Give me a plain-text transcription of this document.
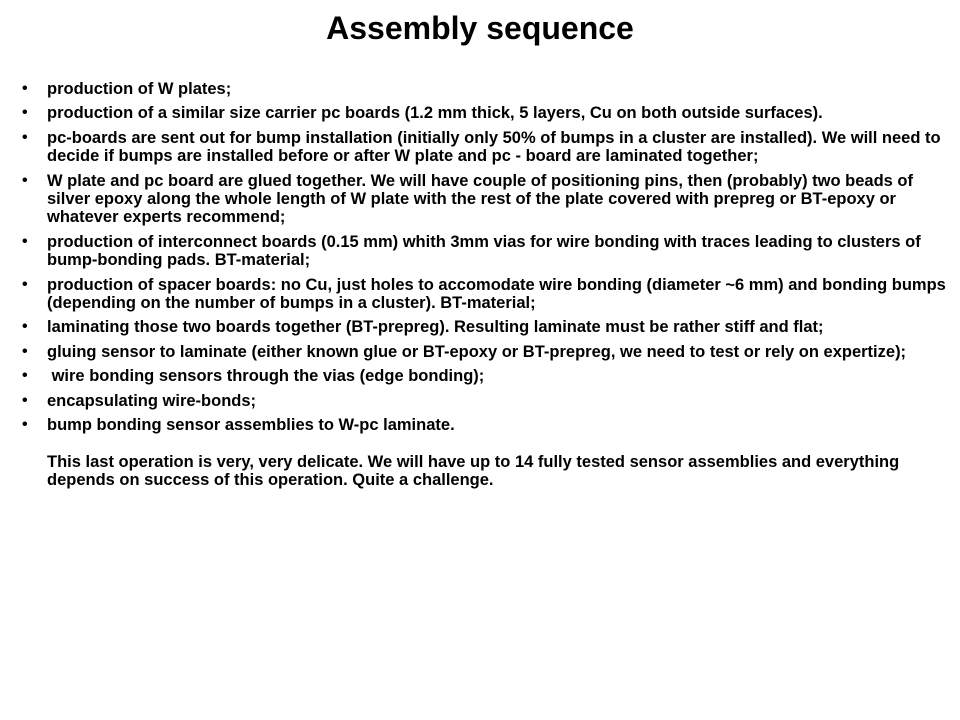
Assembly sequence
•	production of W plates;
•	production of a similar size carrier pc boards (1.2 mm thick, 5 layers, Cu on both outside surfaces).
•	pc-boards are sent out for bump installation (initially only 50% of bumps in a cluster are installed). We will need to decide if bumps are installed before or after W plate and pc - board are laminated together;
•	W plate and pc board are glued together. We will have couple of positioning pins, then (probably) two beads of silver epoxy along the whole length of W plate with the rest of the plate covered with prepreg or BT-epoxy or whatever experts recommend;
•	production of interconnect boards (0.15 mm) whith 3mm vias for wire bonding with traces leading to clusters of bump-bonding pads. BT-material;
•	production of spacer boards: no Cu, just holes to accomodate wire bonding (diameter ~6 mm) and bonding bumps (depending on the number of bumps in a cluster). BT-material;
•	laminating those two boards together (BT-prepreg). Resulting laminate must be rather stiff and flat;
•	gluing sensor to laminate (either known glue or BT-epoxy or BT-prepreg, we need to test or rely on expertize);
•	wire bonding sensors through the vias (edge bonding);
•	encapsulating wire-bonds;
•	bump bonding sensor assemblies to W-pc laminate.
This last operation is very, very delicate. We will have up to 14 fully tested sensor assemblies and everything depends on success of this operation. Quite a challenge.
